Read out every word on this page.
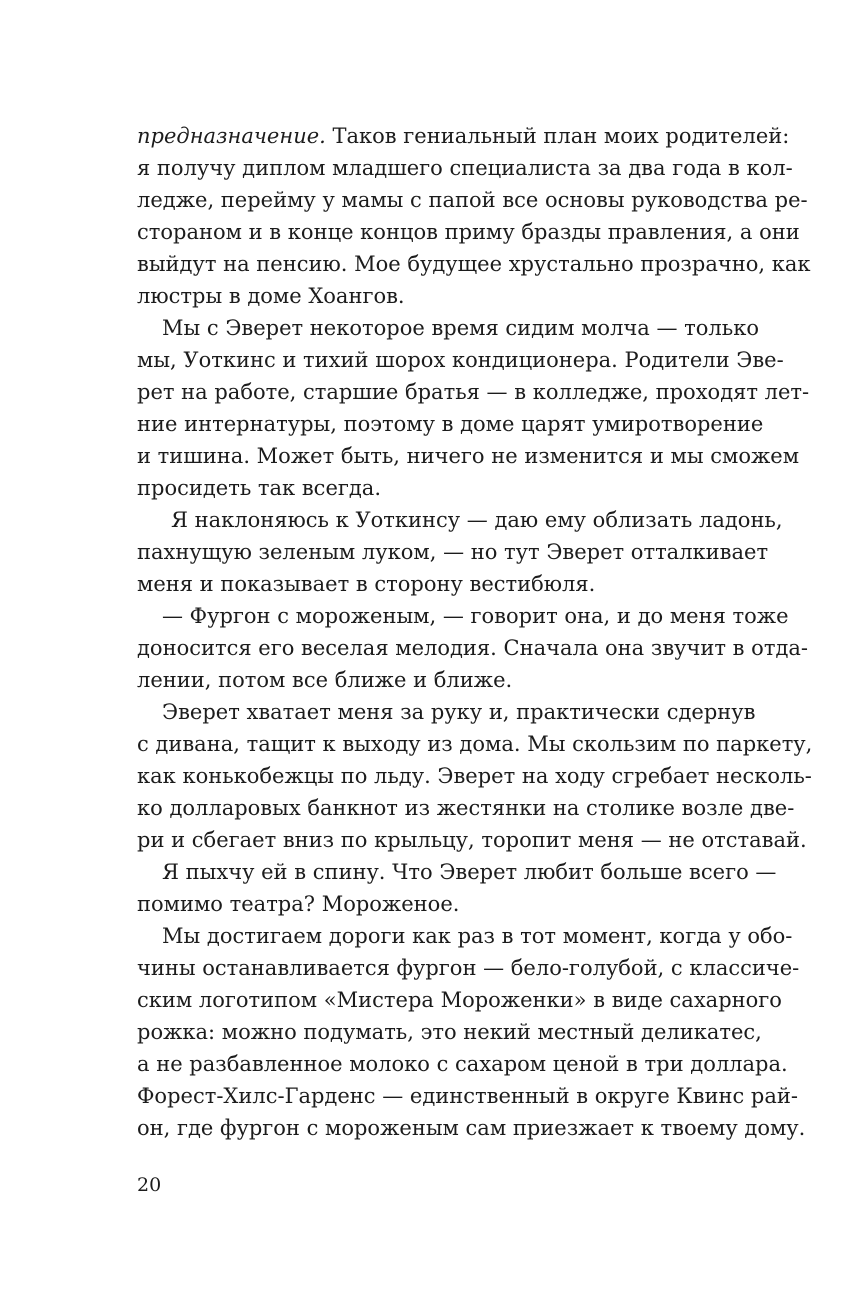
предназначение. Таков гениальный план моих родителей:
я получу диплом младшего специалиста за два года в кол-
ледже, перейму у мамы с папой все основы руководства ре-
стораном и в конце концов приму бразды правления, а они
выйдут на пенсию. Мое будущее хрустально прозрачно, как
люстры в доме Хоангов.
Мы с Эверет некоторое время сидим молча — только
мы, Уоткинс и тихий шорох кондиционера. Родители Эве-
рет на работе, старшие братья — в колледже, проходят лет-
ние интернатуры, поэтому в доме царят умиротворение
и тишина. Может быть, ничего не изменится и мы сможем
просидеть так всегда.
Я наклоняюсь к Уоткинсу — даю ему облизать ладонь,
пахнущую зеленым луком, — но тут Эверет отталкивает
меня и показывает в сторону вестибюля.
— Фургон с мороженым, — говорит она, и до меня тоже
доносится его веселая мелодия. Сначала она звучит в отда-
лении, потом все ближе и ближе.
Эверет хватает меня за руку и, практически сдернув
с дивана, тащит к выходу из дома. Мы скользим по паркету,
как конькобежцы по льду. Эверет на ходу сгребает несколь-
ко долларовых банкнот из жестянки на столике возле две-
ри и сбегает вниз по крыльцу, торопит меня — не отставай.
Я пыхчу ей в спину. Что Эверет любит больше всего —
помимо театра? Мороженое.
Мы достигаем дороги как раз в тот момент, когда у обо-
чины останавливается фургон — бело-голубой, с классиче-
ским логотипом «Мистера Мороженки» в виде сахарного
рожка: можно подумать, это некий местный деликатес,
а не разбавленное молоко с сахаром ценой в три доллара.
Форест-Хилс-Гарденс — единственный в округе Квинс рай-
он, где фургон с мороженым сам приезжает к твоему дому.
20
